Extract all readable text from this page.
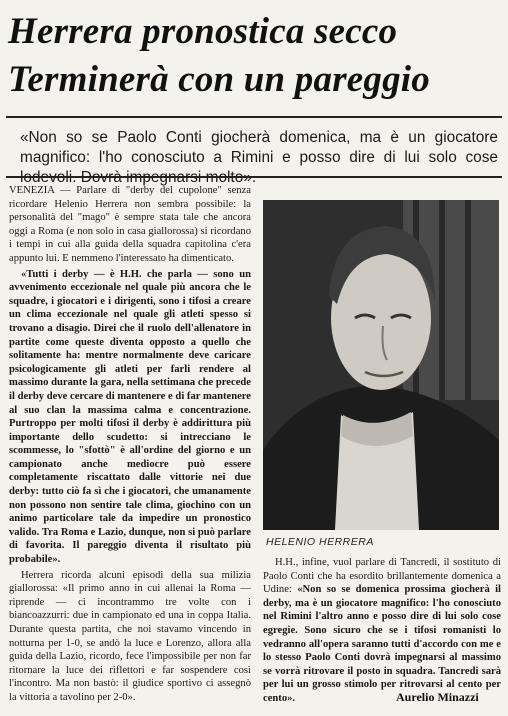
Herrera pronostica secco
Terminerà con un pareggio
«Non so se Paolo Conti giocherà domenica, ma è un giocatore magnifico: l'ho conosciuto a Rimini e posso dire di lui solo cose lodevoli. Dovrà impegnarsi molto».

VENEZIA — Parlare di "derby del cupolone" senza ricordare Helenio Herrera non sembra possibile: la personalità del "mago" è sempre stata tale che ancora oggi a Roma (e non solo in casa giallorossa) si ricordano i tempi in cui alla guida della squadra capitolina c'era appunto lui. E nemmeno l'interessato ha dimenticato.

«Tutti i derby — è H.H. che parla — sono un avvenimento eccezionale nel quale più ancora che le squadre, i giocatori e i dirigenti, sono i tifosi a creare un clima eccezionale nel quale gli atleti spesso si trovano a disagio. Direi che il ruolo dell'allenatore in partite come queste diventa opposto a quello che solitamente ha: mentre normalmente deve caricare psicologicamente gli atleti per farli rendere al massimo durante la gara, nella settimana che precede il derby deve cercare di mantenere e di far mantenere al suo clan la massima calma e concentrazione. Purtroppo per molti tifosi il derby è addirittura più importante dello scudetto: si intrecciano le scommesse, lo "sfottò" è all'ordine del giorno e un campionato anche mediocre può essere completamente riscattato dalle vittorie nei due derby: tutto ciò fa sì che i giocatori, che umanamente non possono non sentire tale clima, giochino con un animo particolare tale da impedire un pronostico valido. Tra Roma e Lazio, dunque, non si può parlare di favorita. Il pareggio diventa il risultato più probabile».

Herrera ricorda alcuni episodi della sua milizia giallorossa: «Il primo anno in cui allenai la Roma — riprende — ci incontrammo tre volte con i biancoazzurri: due in campionato ed una in coppa Italia. Durante questa partita, che noi stavamo vincendo in notturna per 1-0, se andò la luce e Lorenzo, allora alla guida della Lazio, ricordo, fece l'impossibile per non far ritornare la luce dei riflettori e far sospendere così l'incontro. Ma non bastò: il giudice sportivo ci assegnò la vittoria a tavolino per 2-0».

HELENIO HERRERA

H.H., infine, vuol parlare di Tancredi, il sostituto di Paolo Conti che ha esordito brillantemente domenica a Udine: «Non so se domenica prossima giocherà il derby, ma è un giocatore magnifico: l'ho conosciuto nel Rimini l'altro anno e posso dire di lui solo cose egregie. Sono sicuro che se i tifosi romanisti lo vedranno all'opera saranno tutti d'accordo con me e lo stesso Paolo Conti dovrà impegnarsi al massimo se vorrà ritrovare il posto in squadra. Tancredi sarà per lui un grosso stimolo per ritrovarsi al cento per cento».	Aurelio Minazzi
